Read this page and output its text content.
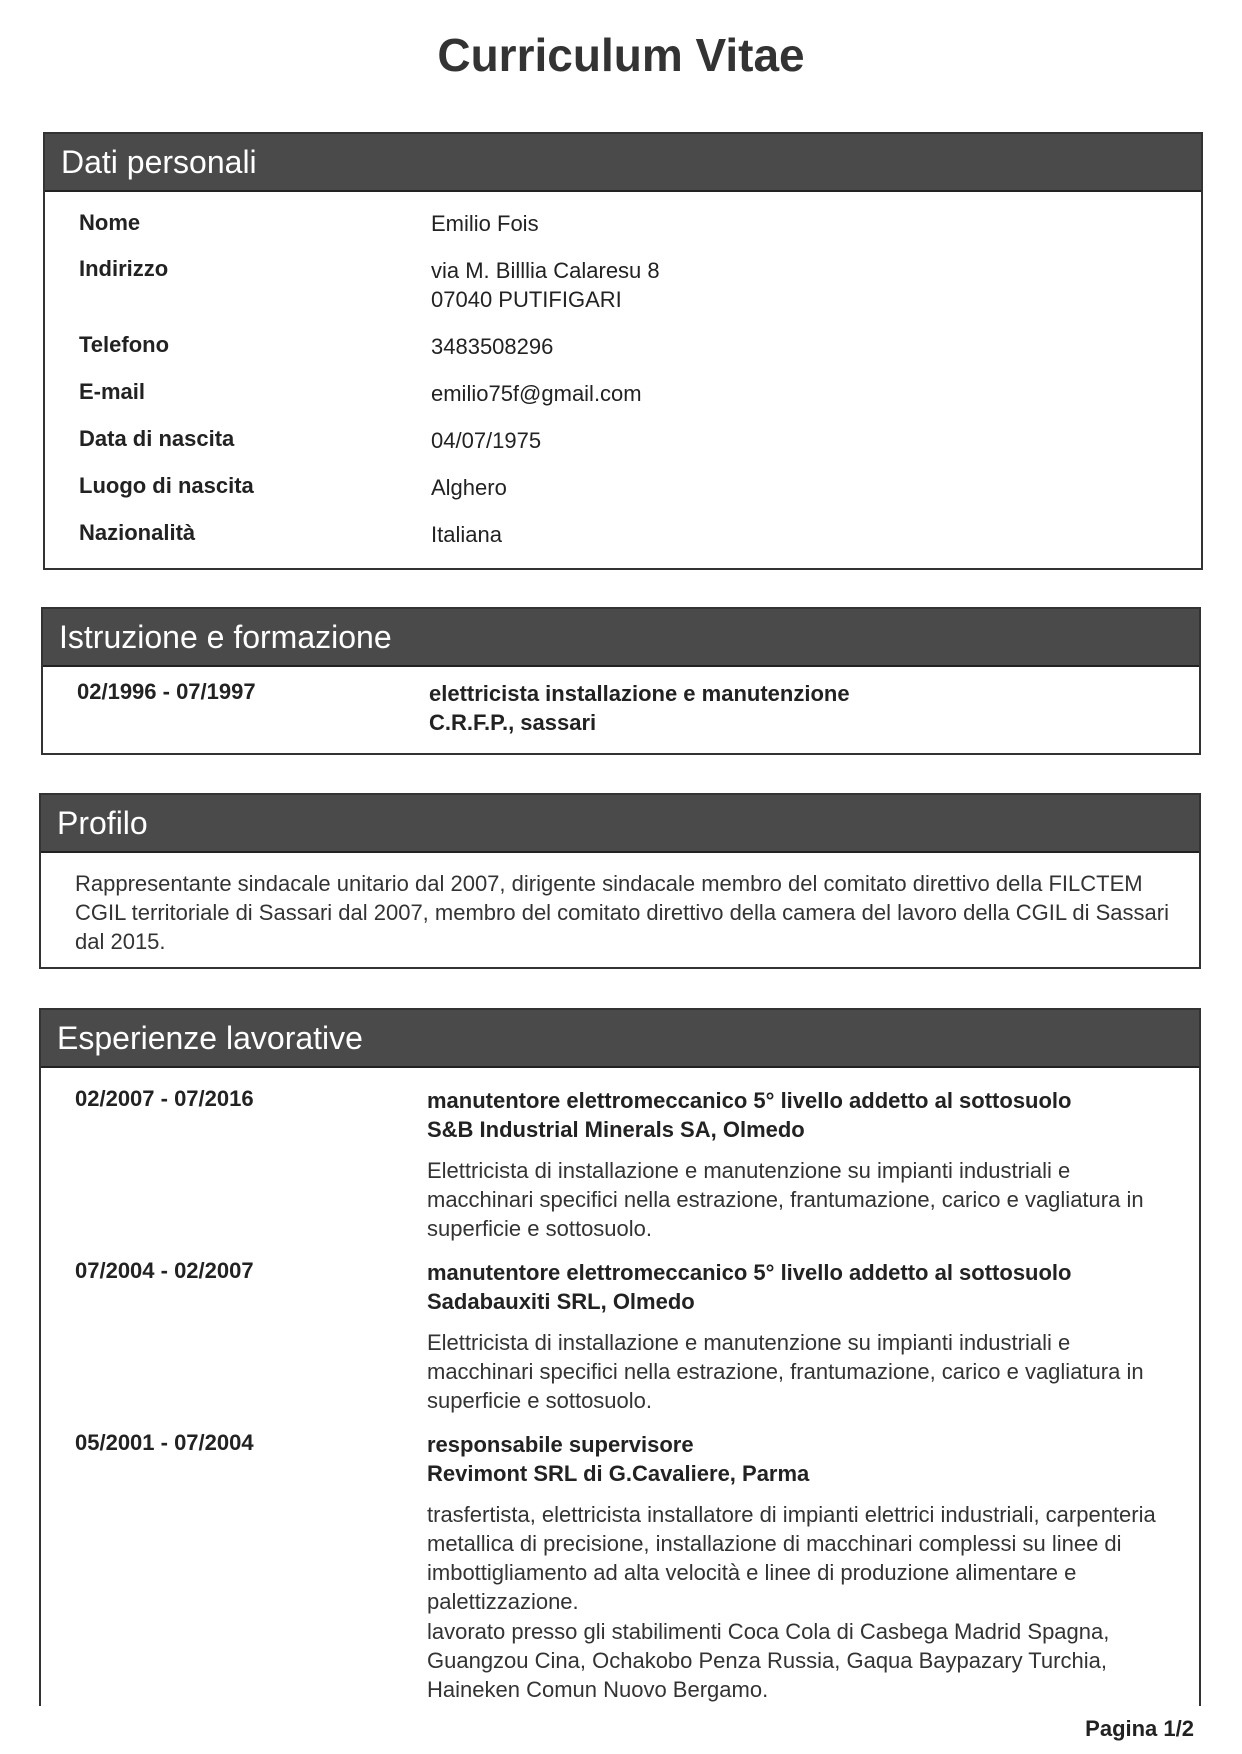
Curriculum Vitae
Dati personali
Nome	Emilio Fois
Indirizzo	via M. Billlia Calaresu 8
07040 PUTIFIGARI
Telefono	3483508296
E-mail	emilio75f@gmail.com
Data di nascita	04/07/1975
Luogo di nascita	Alghero
Nazionalità	Italiana
Istruzione e formazione
02/1996 - 07/1997	elettricista installazione e manutenzione
C.R.F.P., sassari
Profilo
Rappresentante sindacale unitario dal 2007, dirigente sindacale membro del comitato direttivo della FILCTEM CGIL territoriale di Sassari dal 2007, membro del comitato direttivo della camera del lavoro della CGIL di Sassari dal 2015.
Esperienze lavorative
02/2007 - 07/2016	manutentore elettromeccanico 5° livello addetto al sottosuolo
S&B Industrial Minerals SA, Olmedo
Elettricista di installazione e manutenzione su impianti industriali e macchinari specifici nella estrazione, frantumazione, carico e vagliatura in superficie e sottosuolo.
07/2004 - 02/2007	manutentore elettromeccanico 5° livello addetto al sottosuolo
Sadabauxiti SRL, Olmedo
Elettricista di installazione e manutenzione su impianti industriali e macchinari specifici nella estrazione, frantumazione, carico e vagliatura in superficie e sottosuolo.
05/2001 - 07/2004	responsabile supervisore
Revimont SRL di G.Cavaliere, Parma
trasfertista, elettricista installatore di impianti elettrici industriali, carpenteria metallica di precisione, installazione di macchinari complessi su linee di imbottigliamento ad alta velocità e linee di produzione alimentare e palettizzazione.
lavorato presso gli stabilimenti Coca Cola di Casbega Madrid Spagna, Guangzou Cina, Ochakobo Penza Russia, Gaqua Baypazary Turchia, Haineken Comun Nuovo Bergamo.
Pagina 1/2
